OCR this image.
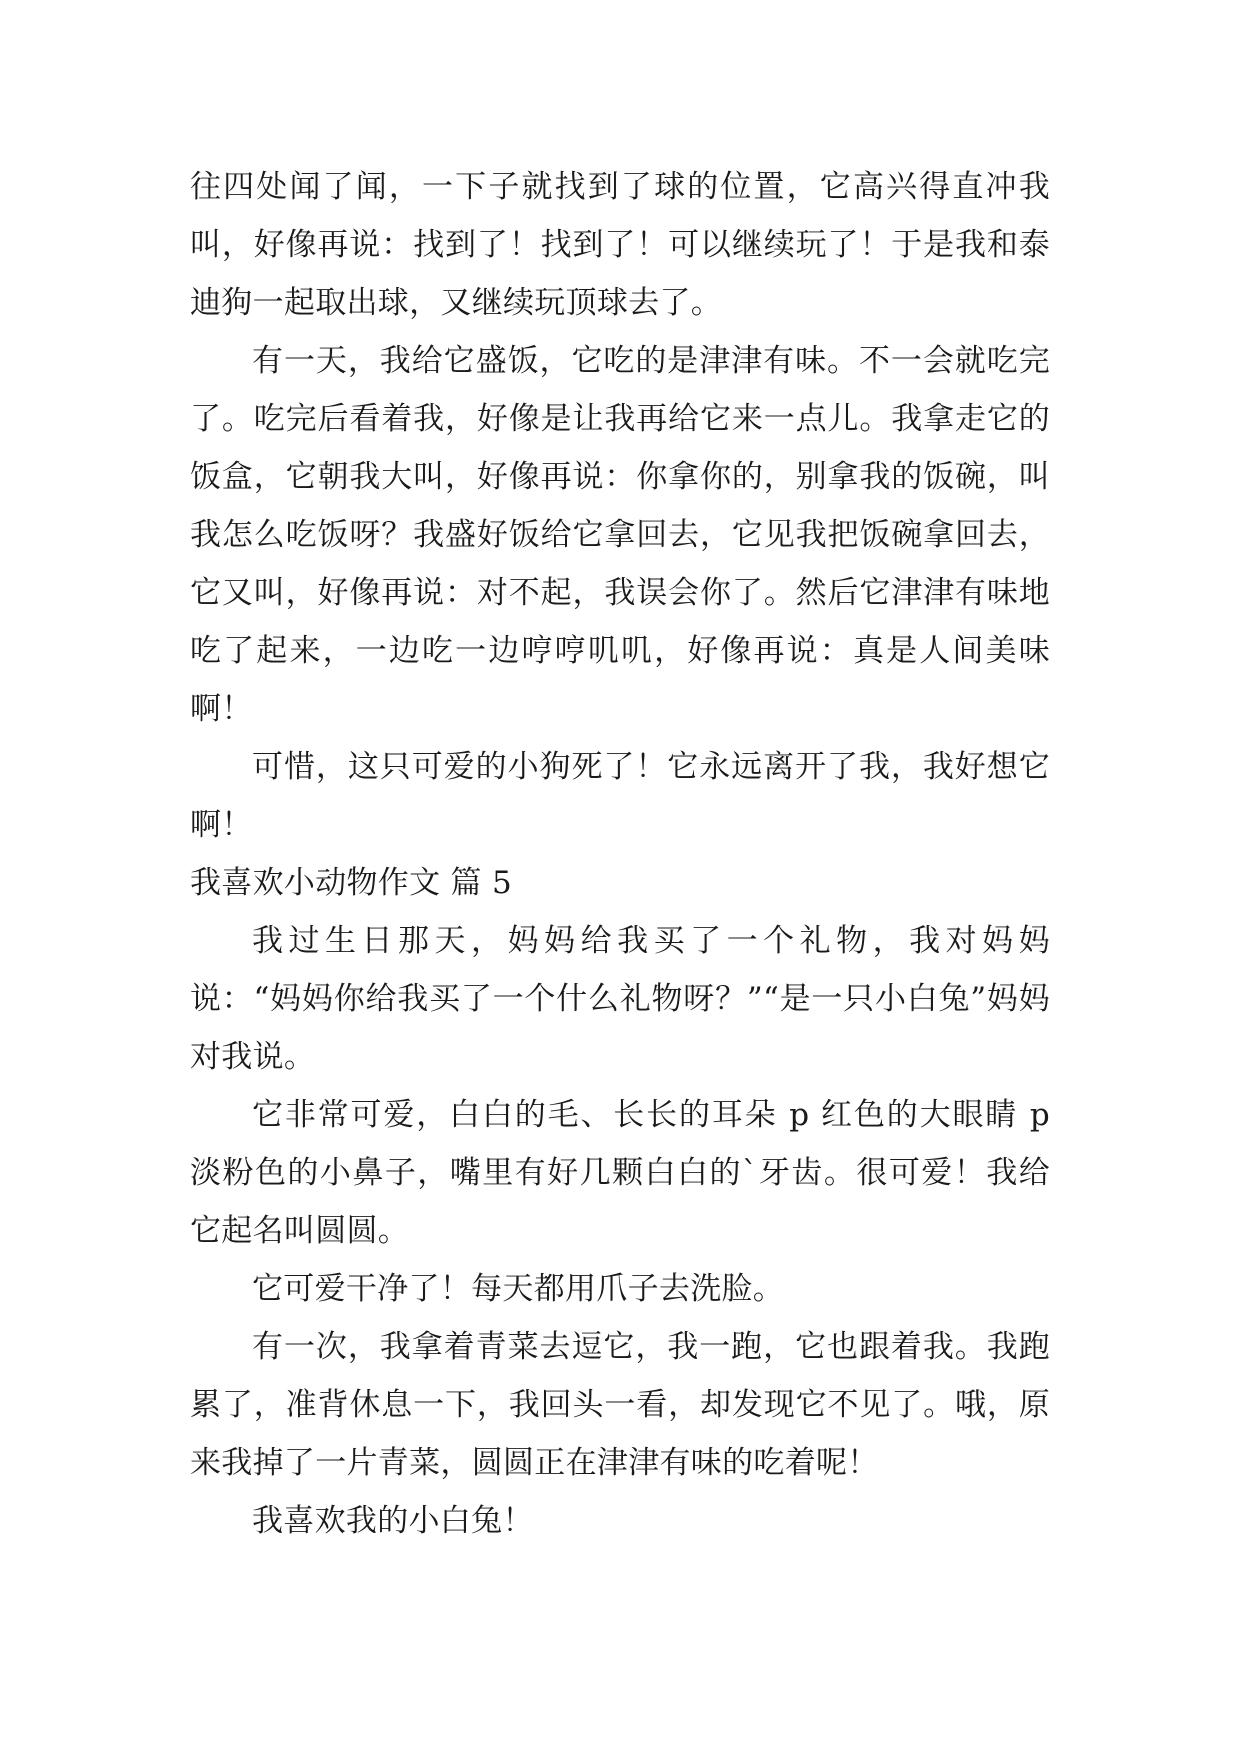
往四处闻了闻，一下子就找到了球的位置，它高兴得直冲我叫，好像再说：找到了！找到了！可以继续玩了！于是我和泰迪狗一起取出球，又继续玩顶球去了。

有一天，我给它盛饭，它吃的是津津有味。不一会就吃完了。吃完后看着我，好像是让我再给它来一点儿。我拿走它的饭盒，它朝我大叫，好像再说：你拿你的，别拿我的饭碗，叫我怎么吃饭呀？我盛好饭给它拿回去，它见我把饭碗拿回去，它又叫，好像再说：对不起，我误会你了。然后它津津有味地吃了起来，一边吃一边哼哼叽叽，好像再说：真是人间美味啊！

可惜，这只可爱的小狗死了！它永远离开了我，我好想它啊！

我喜欢小动物作文 篇 5

我过生日那天，妈妈给我买了一个礼物，我对妈妈说：“妈妈你给我买了一个什么礼物呀？”“是一只小白兔”妈妈对我说。

它非常可爱，白白的毛、长长的耳朵 p 红色的大眼睛 p 淡粉色的小鼻子，嘴里有好几颗白白的`牙齿。很可爱！我给它起名叫圆圆。

它可爱干净了！每天都用爪子去洗脸。

有一次，我拿着青菜去逗它，我一跑，它也跟着我。我跑累了，准背休息一下，我回头一看，却发现它不见了。哦，原来我掉了一片青菜，圆圆正在津津有味的吃着呢！

我喜欢我的小白兔！
